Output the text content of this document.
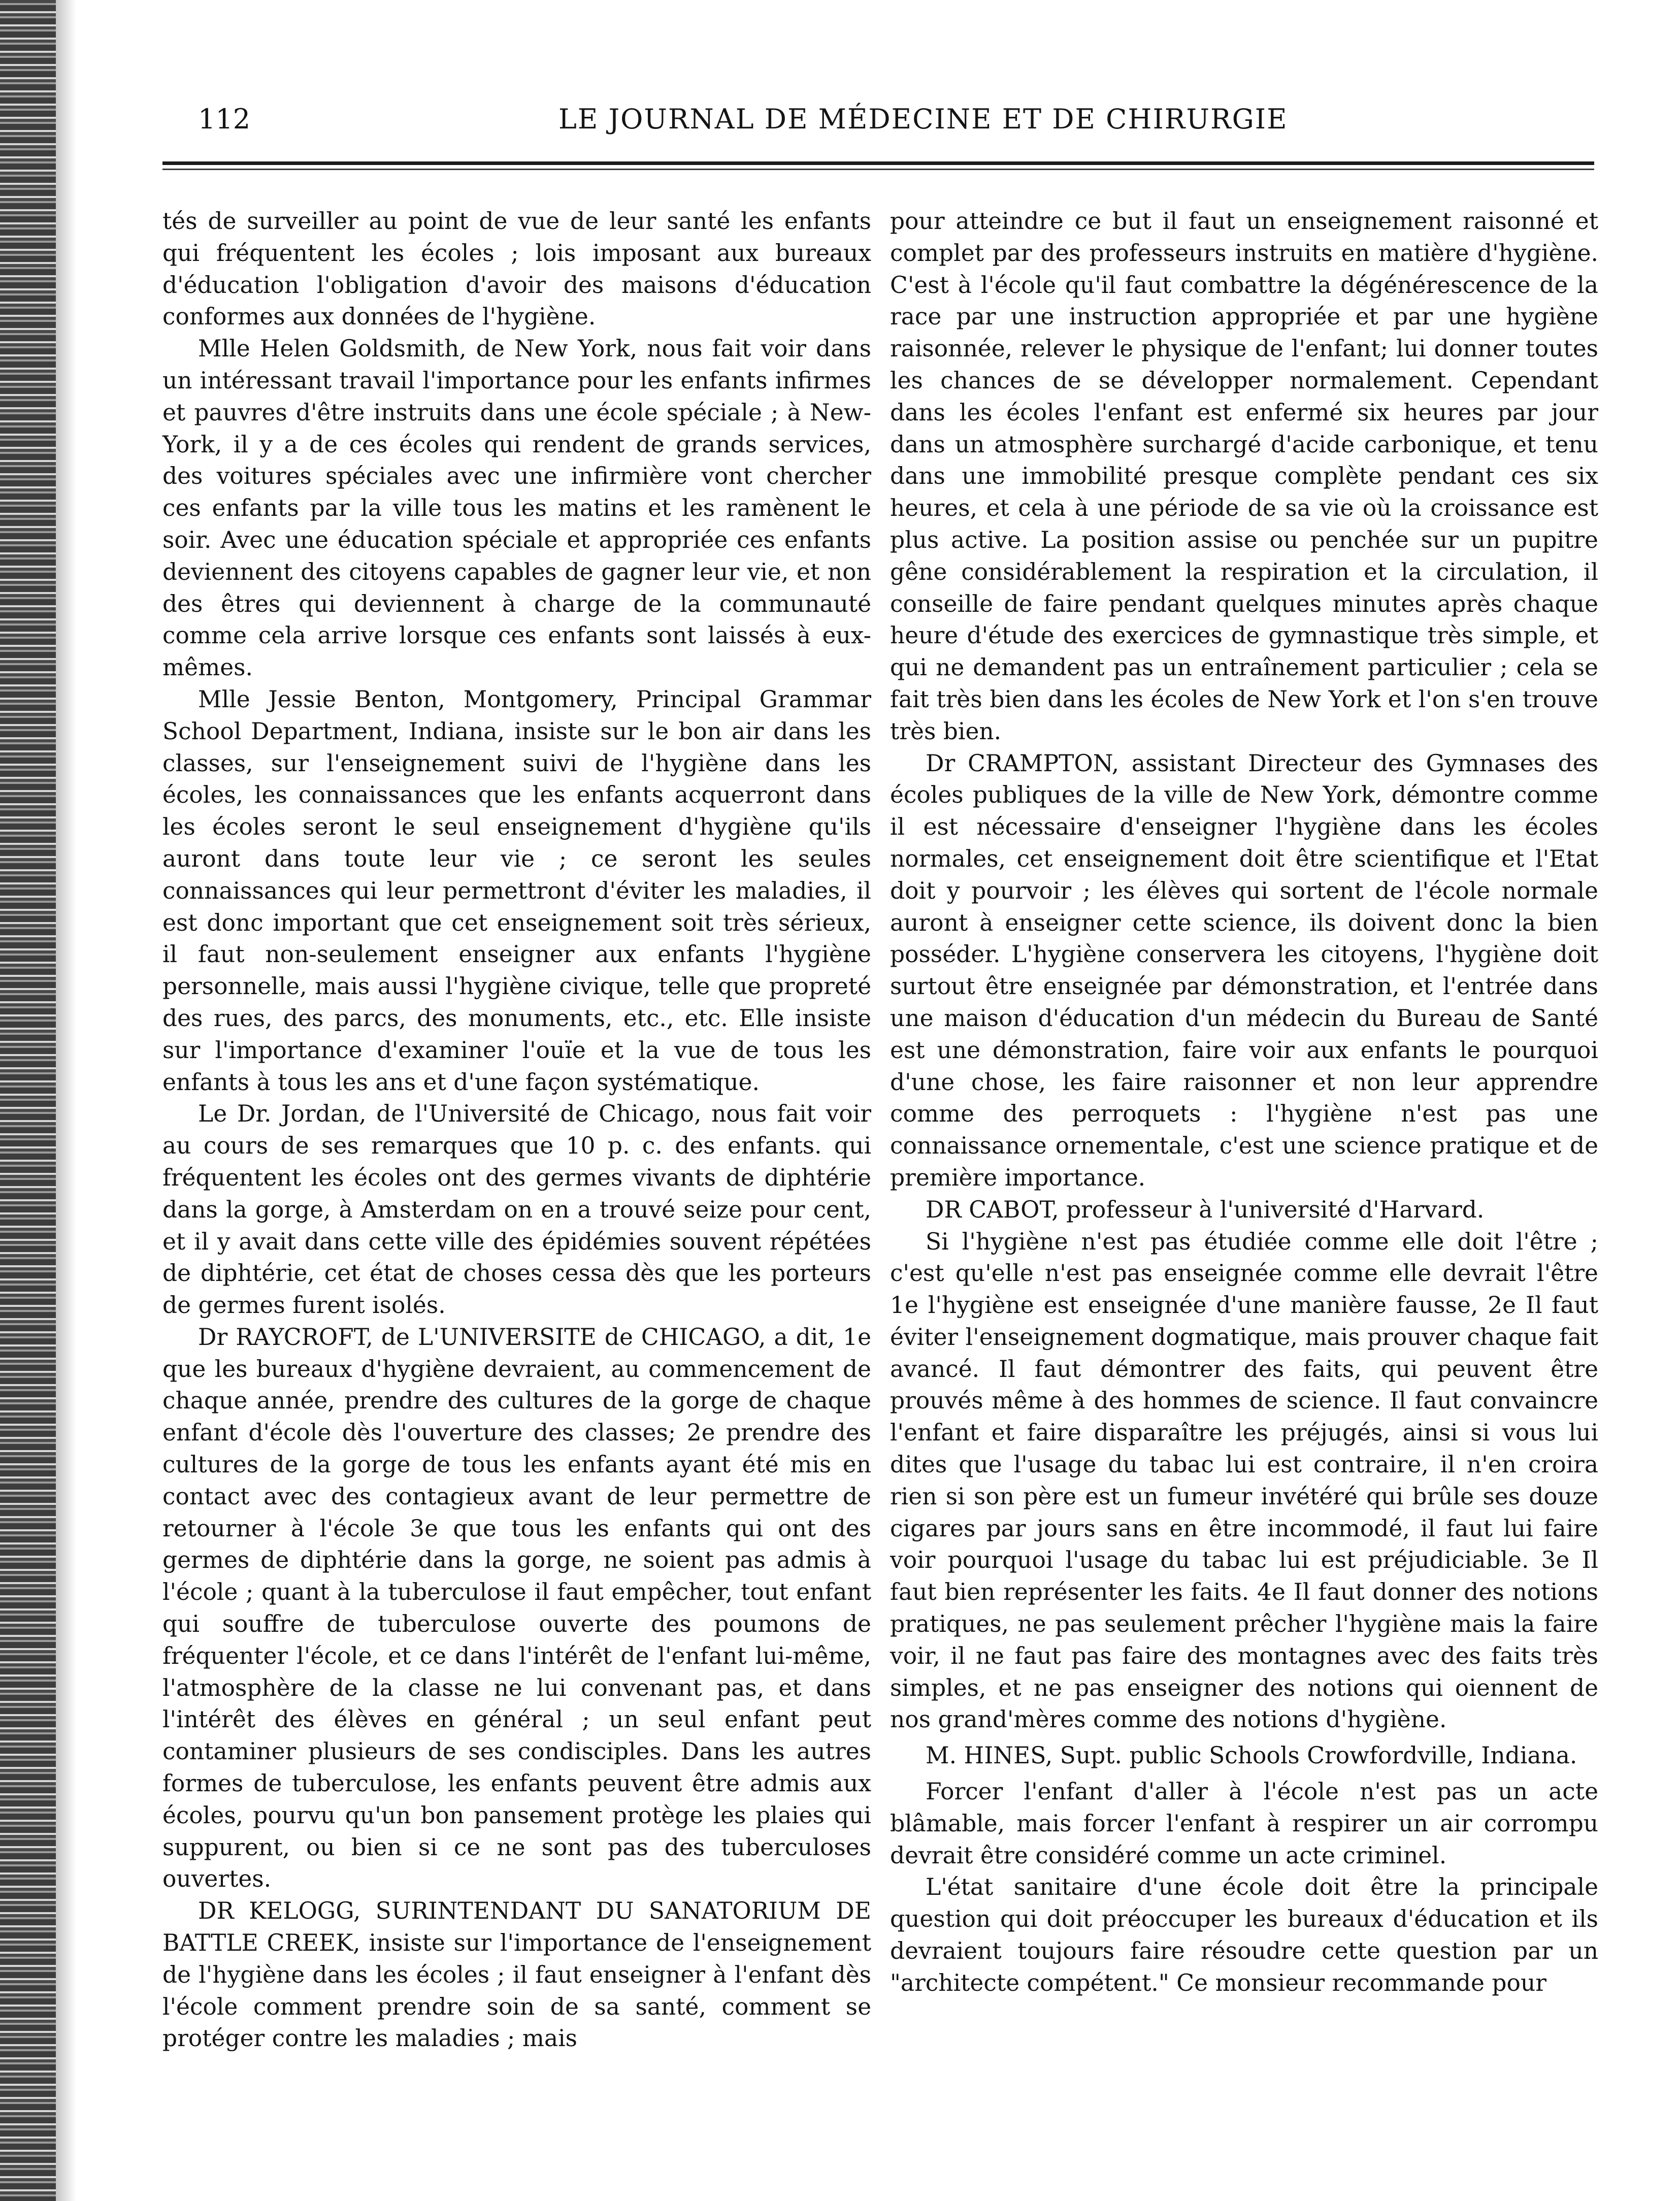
112	LE JOURNAL DE MÉDECINE ET DE CHIRURGIE

tés de surveiller au point de vue de leur santé les enfants qui fréquentent les écoles ; lois imposant aux bureaux d'éducation l'obligation d'avoir des maisons d'éducation conformes aux données de l'hygiène.

Mlle Helen Goldsmith, de New York, nous fait voir dans un intéressant travail l'importance pour les enfants infirmes et pauvres d'être instruits dans une école spéciale ; à New-York, il y a de ces écoles qui rendent de grands services, des voitures spéciales avec une infirmière vont chercher ces enfants par la ville tous les matins et les ramènent le soir. Avec une éducation spéciale et appropriée ces enfants deviennent des citoyens capables de gagner leur vie, et non des êtres qui deviennent à charge de la communauté comme cela arrive lorsque ces enfants sont laissés à eux-mêmes.

Mlle Jessie Benton, Montgomery, Principal Grammar School Department, Indiana, insiste sur le bon air dans les classes, sur l'enseignement suivi de l'hygiène dans les écoles, les connaissances que les enfants acquerront dans les écoles seront le seul enseignement d'hygiène qu'ils auront dans toute leur vie ; ce seront les seules connaissances qui leur permettront d'éviter les maladies, il est donc important que cet enseignement soit très sérieux, il faut non-seulement enseigner aux enfants l'hygiène personnelle, mais aussi l'hygiène civique, telle que propreté des rues, des parcs, des monuments, etc., etc. Elle insiste sur l'importance d'examiner l'ouïe et la vue de tous les enfants à tous les ans et d'une façon systématique.

Le Dr. Jordan, de l'Université de Chicago, nous fait voir au cours de ses remarques que 10 p. c. des enfants. qui fréquentent les écoles ont des germes vivants de diphtérie dans la gorge, à Amsterdam on en a trouvé seize pour cent, et il y avait dans cette ville des épidémies souvent répétées de diphtérie, cet état de choses cessa dès que les porteurs de germes furent isolés.

Dr RAYCROFT, de L'UNIVERSITE de CHICAGO, a dit, 1e que les bureaux d'hygiène devraient, au commencement de chaque année, prendre des cultures de la gorge de chaque enfant d'école dès l'ouverture des classes; 2e prendre des cultures de la gorge de tous les enfants ayant été mis en contact avec des contagieux avant de leur permettre de retourner à l'école 3e que tous les enfants qui ont des germes de diphtérie dans la gorge, ne soient pas admis à l'école ; quant à la tuberculose il faut empêcher, tout enfant qui souffre de tuberculose ouverte des poumons de fréquenter l'école, et ce dans l'intérêt de l'enfant lui-même, l'atmosphère de la classe ne lui convenant pas, et dans l'intérêt des élèves en général ; un seul enfant peut contaminer plusieurs de ses condisciples. Dans les autres formes de tuberculose, les enfants peuvent être admis aux écoles, pourvu qu'un bon pansement protège les plaies qui suppurent, ou bien si ce ne sont pas des tuberculoses ouvertes.

DR KELOGG, SURINTENDANT DU SANATORIUM DE BATTLE CREEK, insiste sur l'importance de l'enseignement de l'hygiène dans les écoles ; il faut enseigner à l'enfant dès l'école comment prendre soin de sa santé, comment se protéger contre les maladies ; mais

pour atteindre ce but il faut un enseignement raisonné et complet par des professeurs instruits en matière d'hygiène. C'est à l'école qu'il faut combattre la dégénérescence de la race par une instruction appropriée et par une hygiène raisonnée, relever le physique de l'enfant; lui donner toutes les chances de se développer normalement. Cependant dans les écoles l'enfant est enfermé six heures par jour dans un atmosphère surchargé d'acide carbonique, et tenu dans une immobilité presque complète pendant ces six heures, et cela à une période de sa vie où la croissance est plus active. La position assise ou penchée sur un pupitre gêne considérablement la respiration et la circulation, il conseille de faire pendant quelques minutes après chaque heure d'étude des exercices de gymnastique très simple, et qui ne demandent pas un entraînement particulier ; cela se fait très bien dans les écoles de New York et l'on s'en trouve très bien.

Dr CRAMPTON, assistant Directeur des Gymnases des écoles publiques de la ville de New York, démontre comme il est nécessaire d'enseigner l'hygiène dans les écoles normales, cet enseignement doit être scientifique et l'Etat doit y pourvoir ; les élèves qui sortent de l'école normale auront à enseigner cette science, ils doivent donc la bien posséder. L'hygiène conservera les citoyens, l'hygiène doit surtout être enseignée par démonstration, et l'entrée dans une maison d'éducation d'un médecin du Bureau de Santé est une démonstration, faire voir aux enfants le pourquoi d'une chose, les faire raisonner et non leur apprendre comme des perroquets : l'hygiène n'est pas une connaissance ornementale, c'est une science pratique et de première importance.

DR CABOT, professeur à l'université d'Harvard.

Si l'hygiène n'est pas étudiée comme elle doit l'être ; c'est qu'elle n'est pas enseignée comme elle devrait l'être 1e l'hygiène est enseignée d'une manière fausse, 2e Il faut éviter l'enseignement dogmatique, mais prouver chaque fait avancé. Il faut démontrer des faits, qui peuvent être prouvés même à des hommes de science. Il faut convaincre l'enfant et faire disparaître les préjugés, ainsi si vous lui dites que l'usage du tabac lui est contraire, il n'en croira rien si son père est un fumeur invétéré qui brûle ses douze cigares par jours sans en être incommodé, il faut lui faire voir pourquoi l'usage du tabac lui est préjudiciable. 3e Il faut bien représenter les faits. 4e Il faut donner des notions pratiques, ne pas seulement prêcher l'hygiène mais la faire voir, il ne faut pas faire des montagnes avec des faits très simples, et ne pas enseigner des notions qui oiennent de nos grand'mères comme des notions d'hygiène.

M. HINES, Supt. public Schools Crowfordville, Indiana.

Forcer l'enfant d'aller à l'école n'est pas un acte blâmable, mais forcer l'enfant à respirer un air corrompu devrait être considéré comme un acte criminel.

L'état sanitaire d'une école doit être la principale question qui doit préoccuper les bureaux d'éducation et ils devraient toujours faire résoudre cette question par un "architecte compétent." Ce monsieur recommande pour
